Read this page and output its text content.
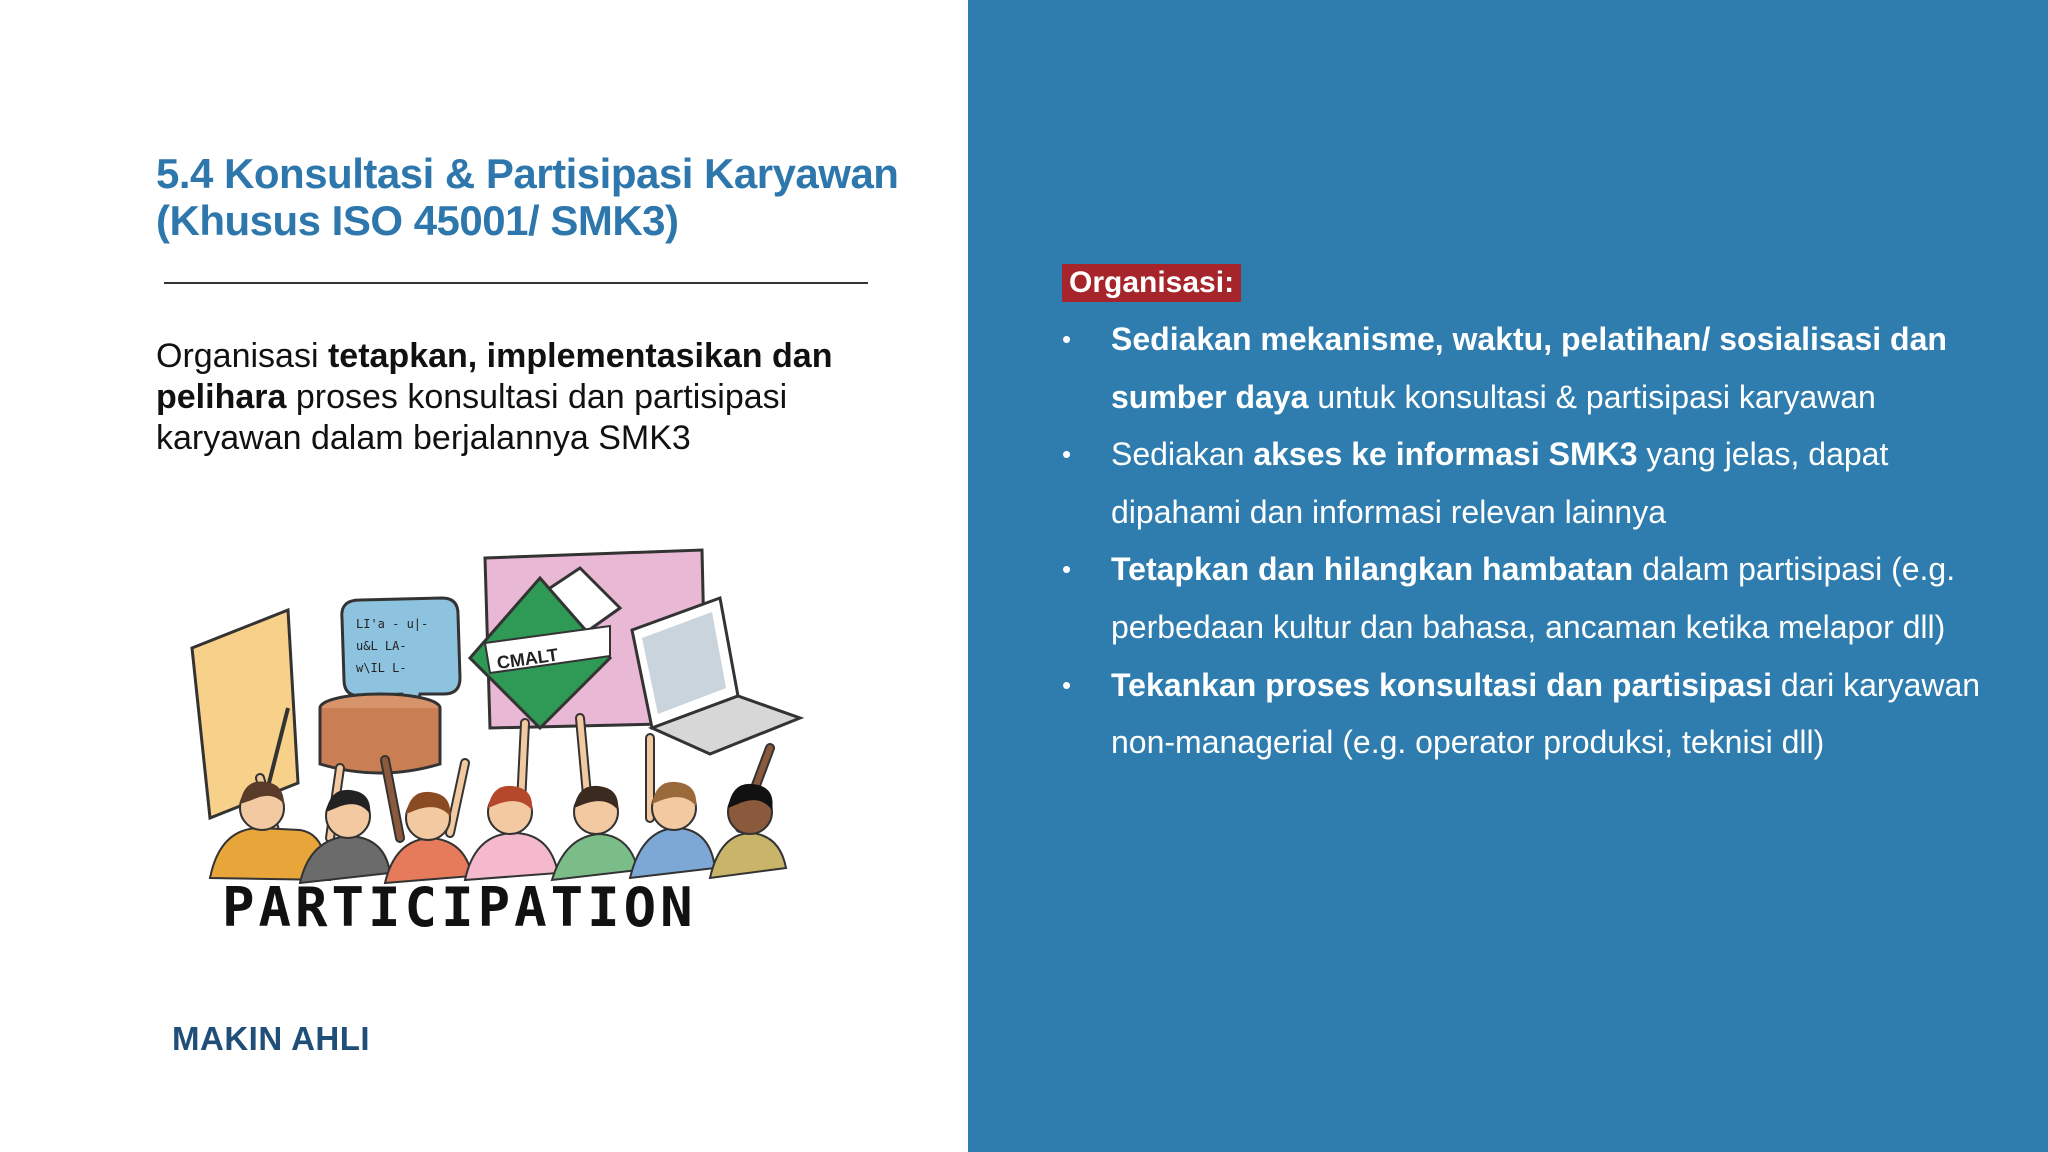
5.4 Konsultasi & Partisipasi Karyawan
(Khusus ISO 45001/ SMK3)
Organisasi tetapkan, implementasikan dan pelihara proses konsultasi dan partisipasi karyawan dalam berjalannya SMK3
LI'a - u|-
u&L LA-
w\IL L-	CMALT
PARTICIPATION
MAKIN AHLI
Organisasi:
• Sediakan mekanisme, waktu, pelatihan/ sosialisasi dan sumber daya untuk konsultasi & partisipasi karyawan
• Sediakan akses ke informasi SMK3 yang jelas, dapat dipahami dan informasi relevan lainnya
• Tetapkan dan hilangkan hambatan dalam partisipasi (e.g. perbedaan kultur dan bahasa, ancaman ketika melapor dll)
• Tekankan proses konsultasi dan partisipasi dari karyawan non-managerial (e.g. operator produksi, teknisi dll)
